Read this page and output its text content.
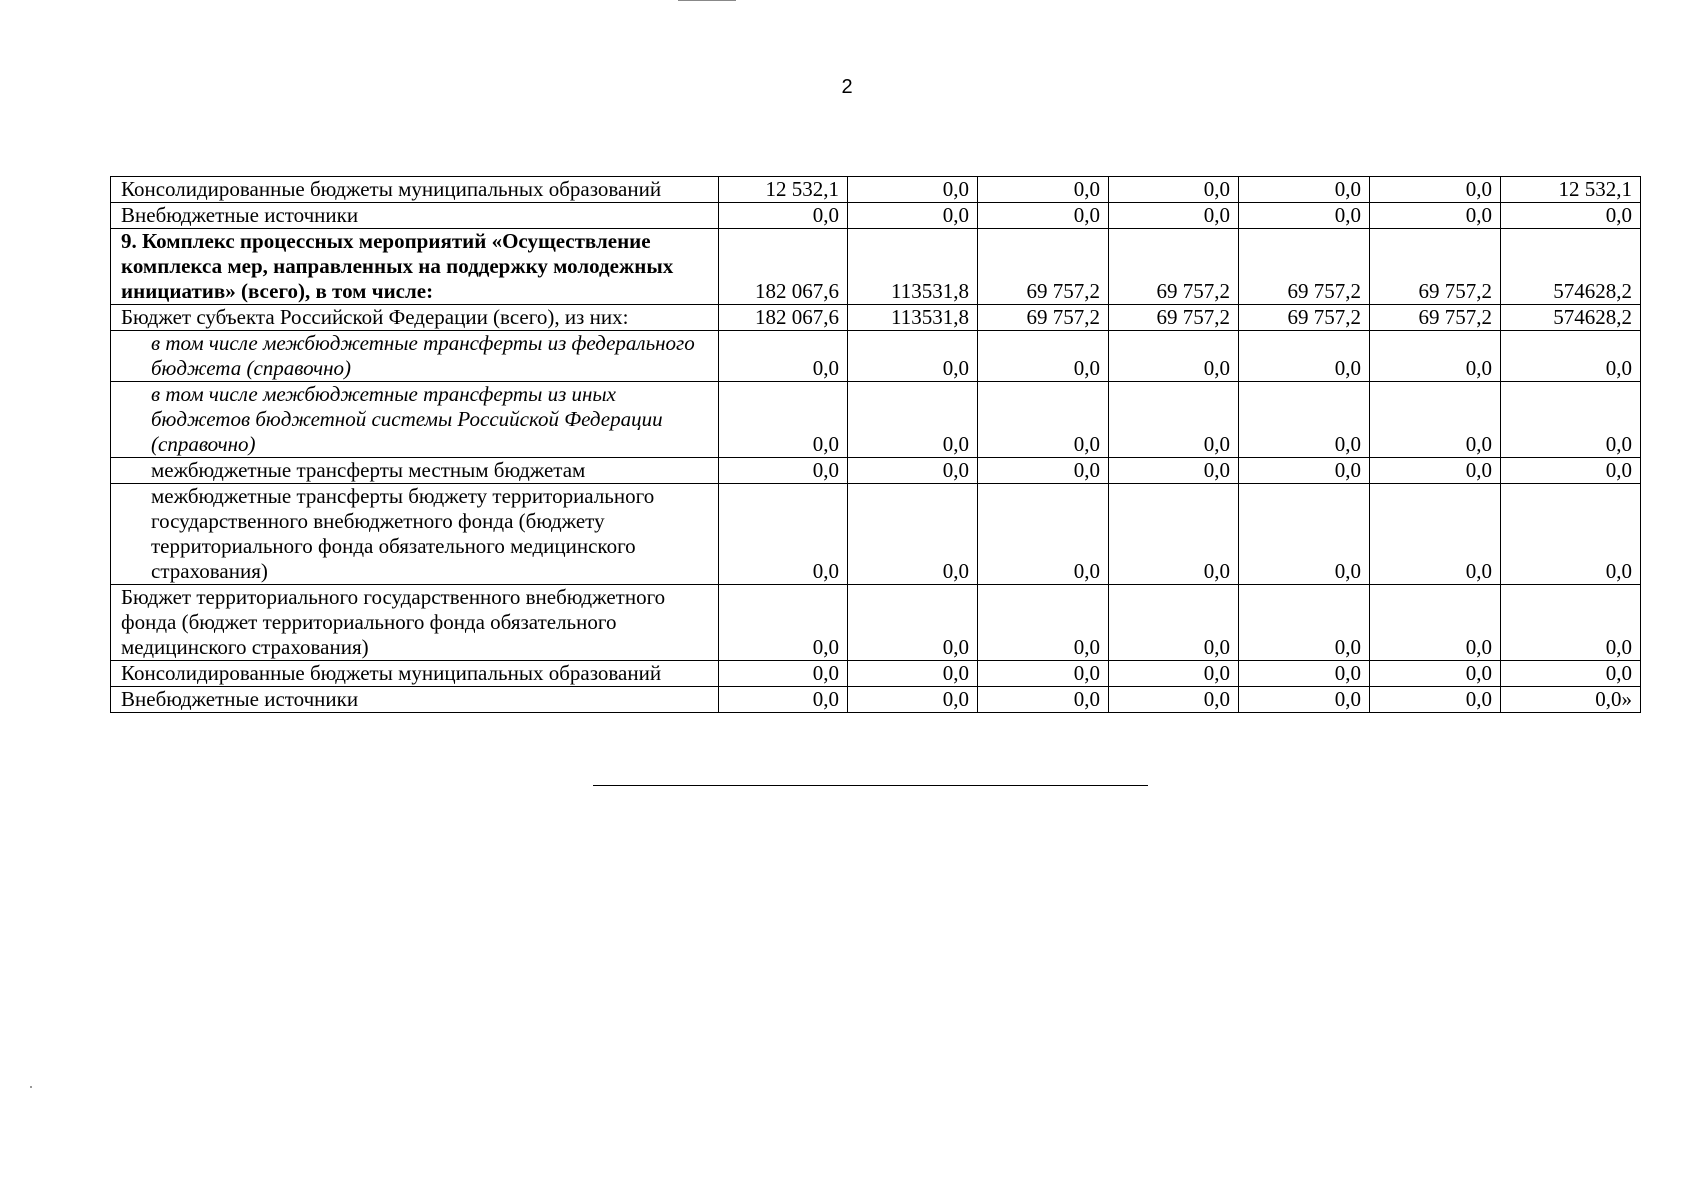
2
Консолидированные бюджеты муниципальных образований	12 532,1	0,0	0,0	0,0	0,0	0,0	12 532,1
Внебюджетные источники	0,0	0,0	0,0	0,0	0,0	0,0	0,0
9. Комплекс процессных мероприятий «Осуществление комплекса мер, направленных на поддержку молодежных инициатив» (всего), в том числе:	182 067,6	113531,8	69 757,2	69 757,2	69 757,2	69 757,2	574628,2
Бюджет субъекта Российской Федерации (всего), из них:	182 067,6	113531,8	69 757,2	69 757,2	69 757,2	69 757,2	574628,2
в том числе межбюджетные трансферты из федерального бюджета (справочно)	0,0	0,0	0,0	0,0	0,0	0,0	0,0
в том числе межбюджетные трансферты из иных бюджетов бюджетной системы Российской Федерации (справочно)	0,0	0,0	0,0	0,0	0,0	0,0	0,0
межбюджетные трансферты местным бюджетам	0,0	0,0	0,0	0,0	0,0	0,0	0,0
межбюджетные трансферты бюджету территориального государственного внебюджетного фонда (бюджету территориального фонда обязательного медицинского страхования)	0,0	0,0	0,0	0,0	0,0	0,0	0,0
Бюджет территориального государственного внебюджетного фонда (бюджет территориального фонда обязательного медицинского страхования)	0,0	0,0	0,0	0,0	0,0	0,0	0,0
Консолидированные бюджеты муниципальных образований	0,0	0,0	0,0	0,0	0,0	0,0	0,0
Внебюджетные источники	0,0	0,0	0,0	0,0	0,0	0,0	0,0»
